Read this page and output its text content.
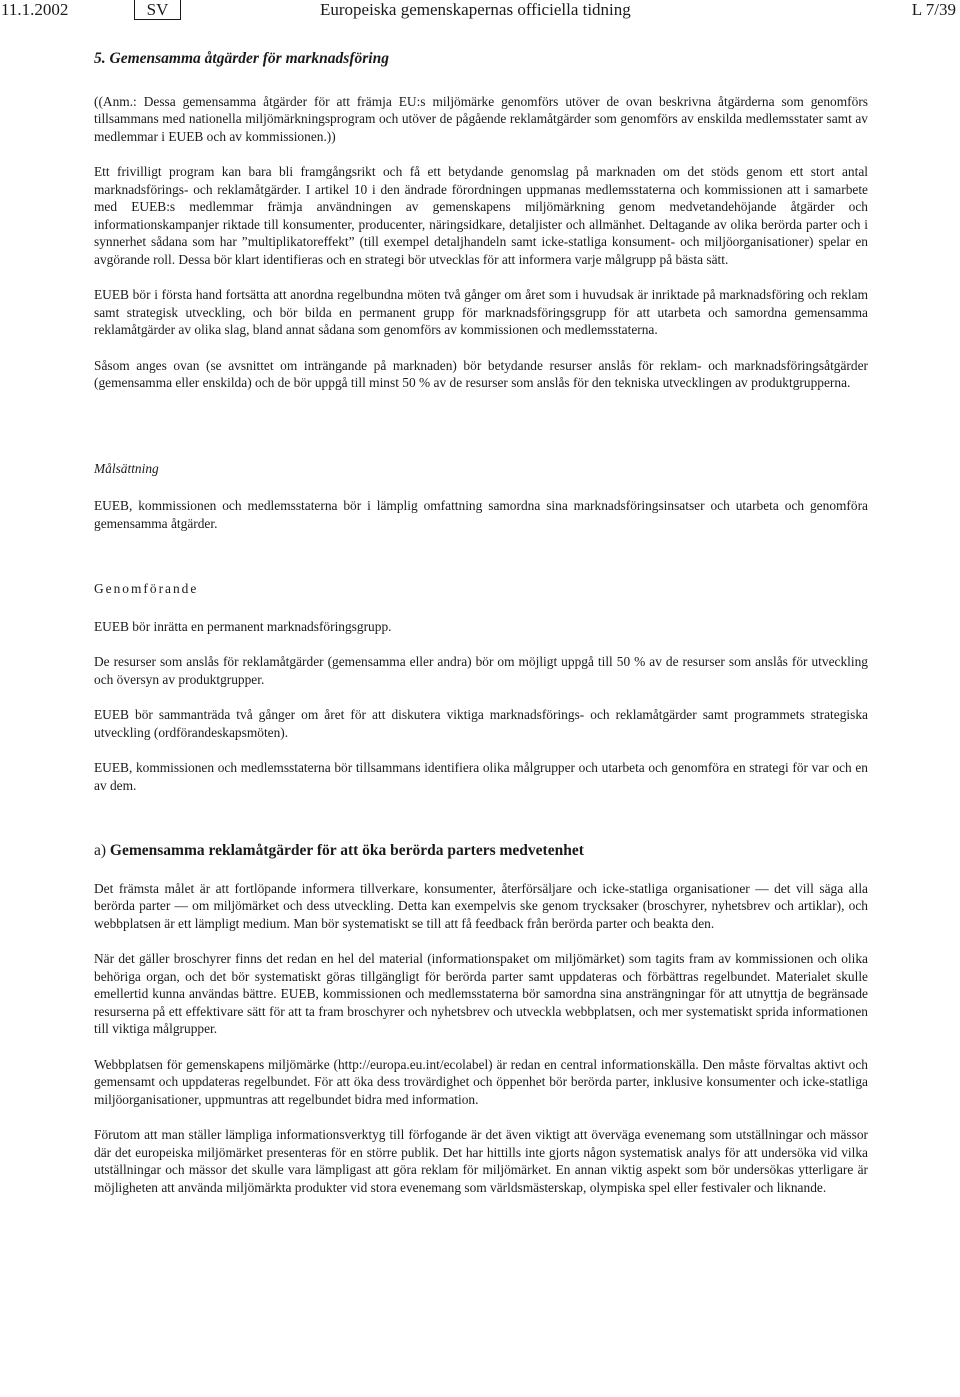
11.1.2002	SV	Europeiska gemenskapernas officiella tidning	L 7/39
5. Gemensamma åtgärder för marknadsföring

((Anm.: Dessa gemensamma åtgärder för att främja EU:s miljömärke genomförs utöver de ovan beskrivna åtgärderna som genomförs tillsammans med nationella miljömärkningsprogram och utöver de pågående reklamåtgärder som genomförs av enskilda medlemsstater samt av medlemmar i EUEB och av kommissionen.))

Ett frivilligt program kan bara bli framgångsrikt och få ett betydande genomslag på marknaden om det stöds genom ett stort antal marknadsförings- och reklamåtgärder. I artikel 10 i den ändrade förordningen uppmanas medlemsstaterna och kommissionen att i samarbete med EUEB:s medlemmar främja användningen av gemenskapens miljömärkning genom medvetandehöjande åtgärder och informationskampanjer riktade till konsumenter, producenter, näringsidkare, detaljister och allmänhet. Deltagande av olika berörda parter och i synnerhet sådana som har ”multiplikatoreffekt” (till exempel detaljhandeln samt icke-statliga konsument- och miljöorganisationer) spelar en avgörande roll. Dessa bör klart identifieras och en strategi bör utvecklas för att informera varje målgrupp på bästa sätt.

EUEB bör i första hand fortsätta att anordna regelbundna möten två gånger om året som i huvudsak är inriktade på marknadsföring och reklam samt strategisk utveckling, och bör bilda en permanent grupp för marknadsföringsgrupp för att utarbeta och samordna gemensamma reklamåtgärder av olika slag, bland annat sådana som genomförs av kommissionen och medlemsstaterna.

Såsom anges ovan (se avsnittet om inträngande på marknaden) bör betydande resurser anslås för reklam- och marknadsföringsåtgärder (gemensamma eller enskilda) och de bör uppgå till minst 50 % av de resurser som anslås för den tekniska utvecklingen av produktgrupperna.

Målsättning

EUEB, kommissionen och medlemsstaterna bör i lämplig omfattning samordna sina marknadsföringsinsatser och utarbeta och genomföra gemensamma åtgärder.

Genomförande

EUEB bör inrätta en permanent marknadsföringsgrupp.

De resurser som anslås för reklamåtgärder (gemensamma eller andra) bör om möjligt uppgå till 50 % av de resurser som anslås för utveckling och översyn av produktgrupper.

EUEB bör sammanträda två gånger om året för att diskutera viktiga marknadsförings- och reklamåtgärder samt programmets strategiska utveckling (ordförandeskapsmöten).

EUEB, kommissionen och medlemsstaterna bör tillsammans identifiera olika målgrupper och utarbeta och genomföra en strategi för var och en av dem.

a) Gemensamma reklamåtgärder för att öka berörda parters medvetenhet

Det främsta målet är att fortlöpande informera tillverkare, konsumenter, återförsäljare och icke-statliga organisationer — det vill säga alla berörda parter — om miljömärket och dess utveckling. Detta kan exempelvis ske genom trycksaker (broschyrer, nyhetsbrev och artiklar), och webbplatsen är ett lämpligt medium. Man bör systematiskt se till att få feedback från berörda parter och beakta den.

När det gäller broschyrer finns det redan en hel del material (informationspaket om miljömärket) som tagits fram av kommissionen och olika behöriga organ, och det bör systematiskt göras tillgängligt för berörda parter samt uppdateras och förbättras regelbundet. Materialet skulle emellertid kunna användas bättre. EUEB, kommissionen och medlemsstaterna bör samordna sina ansträngningar för att utnyttja de begränsade resurserna på ett effektivare sätt för att ta fram broschyrer och nyhetsbrev och utveckla webbplatsen, och mer systematiskt sprida informationen till viktiga målgrupper.

Webbplatsen för gemenskapens miljömärke (http://europa.eu.int/ecolabel) är redan en central informationskälla. Den måste förvaltas aktivt och gemensamt och uppdateras regelbundet. För att öka dess trovärdighet och öppenhet bör berörda parter, inklusive konsumenter och icke-statliga miljöorganisationer, uppmuntras att regelbundet bidra med information.

Förutom att man ställer lämpliga informationsverktyg till förfogande är det även viktigt att överväga evenemang som utställningar och mässor där det europeiska miljömärket presenteras för en större publik. Det har hittills inte gjorts någon systematisk analys för att undersöka vid vilka utställningar och mässor det skulle vara lämpligast att göra reklam för miljömärket. En annan viktig aspekt som bör undersökas ytterligare är möjligheten att använda miljömärkta produkter vid stora evenemang som världsmästerskap, olympiska spel eller festivaler och liknande.
